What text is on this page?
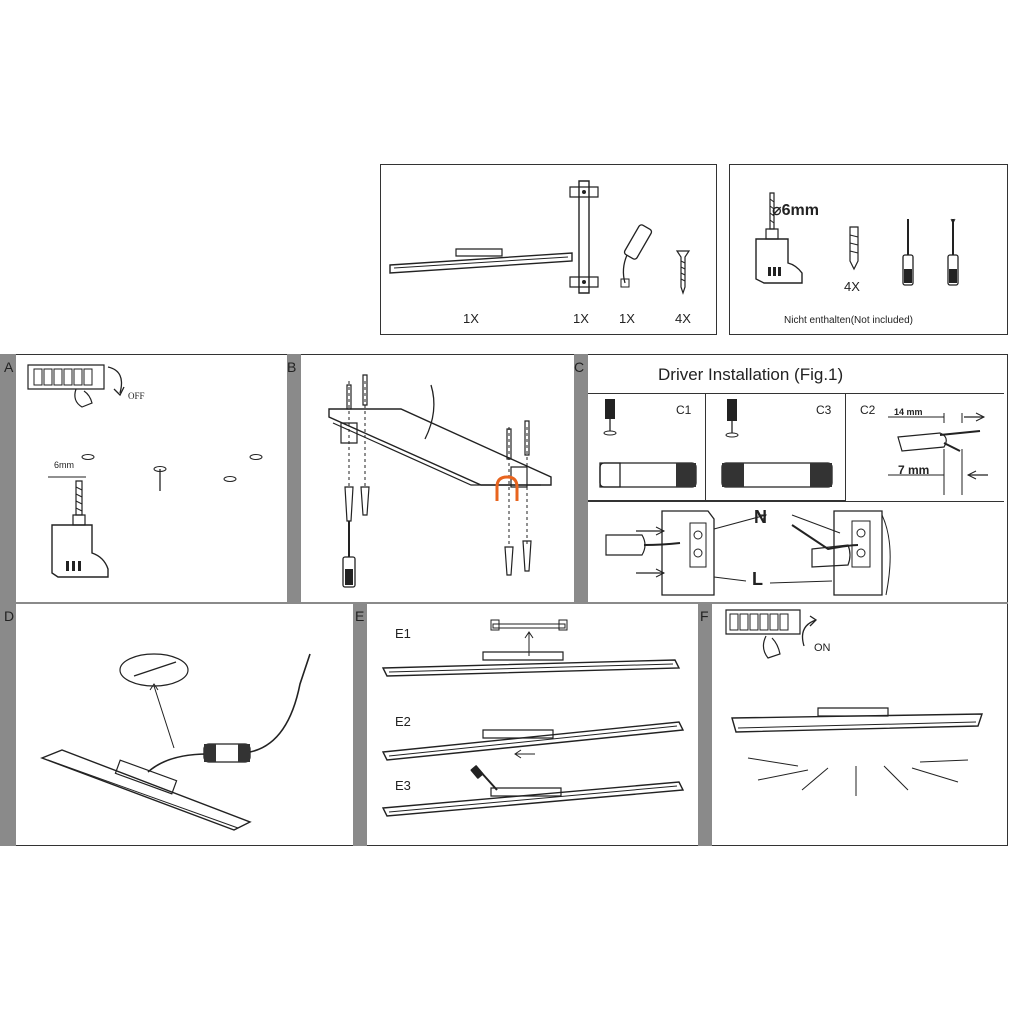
1X	1X 1X	4X
⌀6mm
4X
Nicht enthalten(Not included)
A
OFF
6mm
B	C	Driver Installation (Fig.1)
C1	C3 C2 14 mm
7 mm
N
L
D	E
E1
E2
E3
F
ON
